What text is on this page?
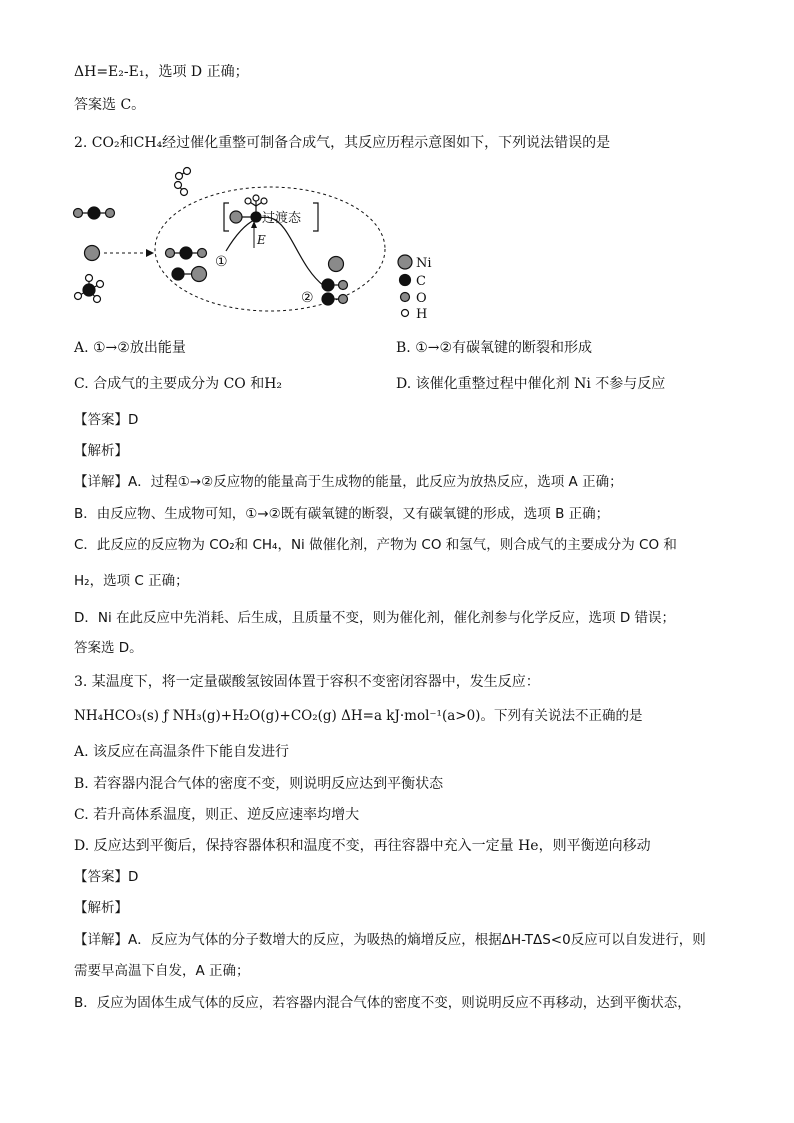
ΔH=E₂-E₁，选项 D 正确；
答案选 C。
2. CO₂和CH₄经过催化重整可制备合成气，其反应历程示意图如下，下列说法错误的是
过渡态
E
①
②
Ni
C
O
H
A. ①→②放出能量	B. ①→②有碳氧键的断裂和形成
C. 合成气的主要成分为 CO 和H₂	D. 该催化重整过程中催化剂 Ni 不参与反应
【答案】D
【解析】
【详解】A．过程①→②反应物的能量高于生成物的能量，此反应为放热反应，选项 A 正确；
B．由反应物、生成物可知，①→②既有碳氧键的断裂，又有碳氧键的形成，选项 B 正确；
C．此反应的反应物为 CO₂和 CH₄，Ni 做催化剂，产物为 CO 和氢气，则合成气的主要成分为 CO 和
H₂，选项 C 正确；
D．Ni 在此反应中先消耗、后生成，且质量不变，则为催化剂，催化剂参与化学反应，选项 D 错误；
答案选 D。
3. 某温度下，将一定量碳酸氢铵固体置于容积不变密闭容器中，发生反应：
NH₄HCO₃(s) ƒ NH₃(g)+H₂O(g)+CO₂(g) ΔH=a kJ·mol⁻¹(a>0)。下列有关说法不正确的是
A. 该反应在高温条件下能自发进行
B. 若容器内混合气体的密度不变，则说明反应达到平衡状态
C. 若升高体系温度，则正、逆反应速率均增大
D. 反应达到平衡后，保持容器体积和温度不变，再往容器中充入一定量 He，则平衡逆向移动
【答案】D
【解析】
【详解】A．反应为气体的分子数增大的反应，为吸热的熵增反应，根据ΔH-TΔS<0反应可以自发进行，则
需要早高温下自发，A 正确；
B．反应为固体生成气体的反应，若容器内混合气体的密度不变，则说明反应不再移动，达到平衡状态，
